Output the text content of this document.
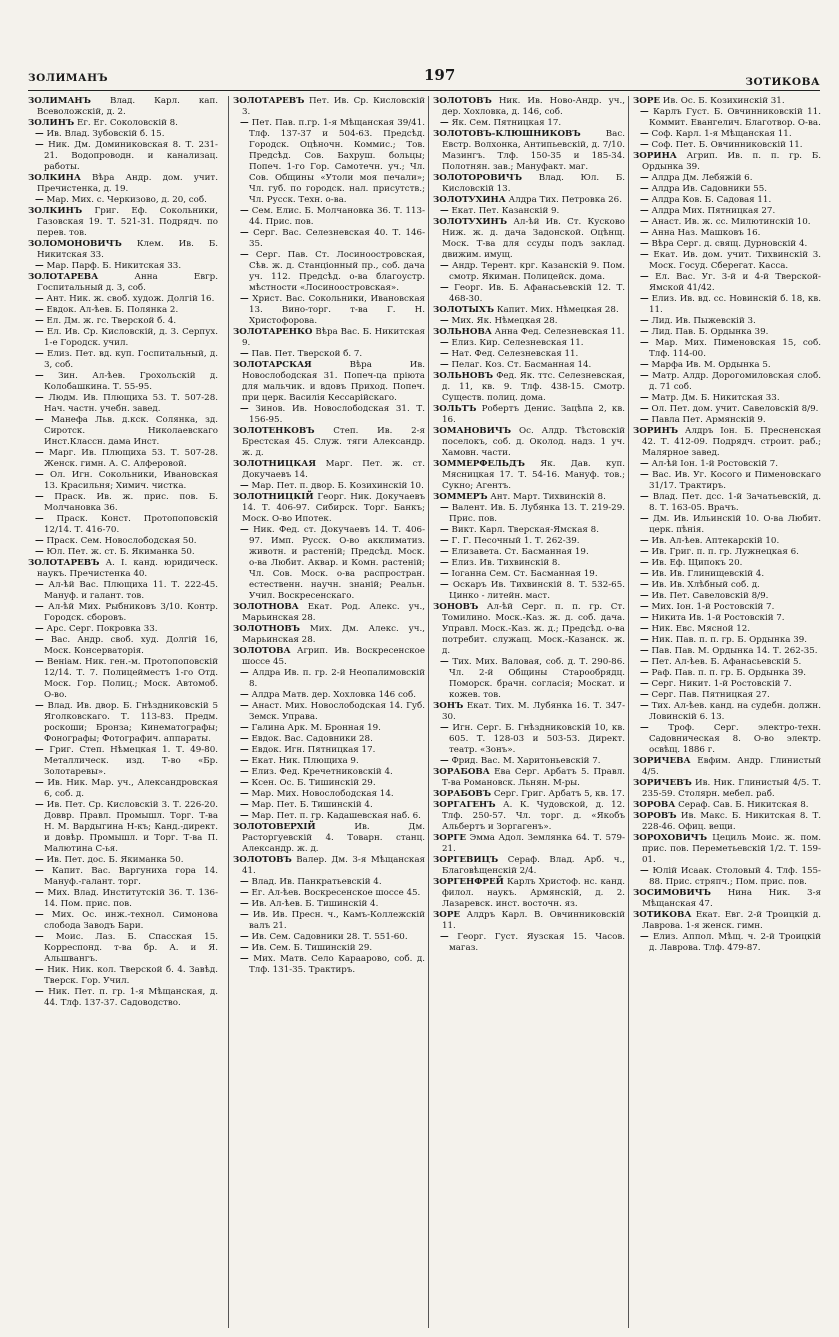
ЗОЛИМАНЪ	197	ЗОТИКОВА

ЗОЛИМАНЪ Влад. Карл. кап. Всеволожскій, д. 2.

ЗОЛИНЪ Ег. Ег. Соколовскій 8.

— Ив. Влад. Зубовскій б. 15.

— Ник. Дм. Доминиковская 8. Т. 231-21. Водопроводн. и канализац. работы.

ЗОЛКИНА Вѣра Андр. дом. учит. Пречистенка, д. 19.

— Мар. Мих. с. Черкизово, д. 20, соб.

ЗОЛКИНЪ Григ. Еф. Сокольники, Газовская 19. Т. 521-31. Подрядч. по перев. тов.

ЗОЛОМОНОВИЧЪ Клем. Ив. Б. Никитская 33.

— Мар. Парф. Б. Никитская 33.

ЗОЛОТАРЕВА	Анна Евгр. Госпитальный д. 3, соб.

— Ант. Ник. ж. своб. худож. Долгій 16.

— Евдок. Ал-ѣев. Б. Полянка 2.

— Ел. Дм. ж. гс. Тверской б. 4.

— Ел. Ив. Ср. Кисловскій, д. 3. Серпух. 1-е Городск. учил.

— Елиз. Пет. вд. куп. Госпитальный, д. 3, соб.

— Зин. Ал-ѣев. Грохольскій д. Колобашкина. Т. 55-95.

— Людм. Ив. Плющиха 53. Т. 507-28. Нач. частн. учебн. завед.

— Манефа Льв. д.кск. Солянка, зд. Сиротск. Николаевскаго Инст.Классн. дама Инст.

— Марг. Ив. Плющиха 53. Т. 507-28. Женск. гимн. А. С. Алферовой.

— Ол. Игн. Сокольники, Ивановская 13. Красильня; Химич. чистка.

— Праск. Ив. ж. прис. пов. Б. Молчановка 36.

— Праск. Конст. Протопоповскій 12/14. Т. 416-70.

— Праск. Сем. Новослободская 50.

— Юл. Пет. ж. ст. Б. Якиманка 50.

ЗОЛОТАРЕВЪ А. І. канд. юридическ. наукъ. Пречистенка 40.

— Ал-ѣй Вас. Плющиха 11. Т. 222-45. Мануф. и галант. тов.

— Ал-ѣй Мих. Рыбниковъ 3/10. Контр. Городск. сборовъ.

— Арс. Серг. Покровка 33.

— Вас. Андр. своб. худ. Долгій 16, Моск. Консерваторія.

— Веніам. Ник. ген.-м. Протопоповскій 12/14. Т. 7. Полицейместъ 1-го Отд. Моск. Гор. Полиц.; Моск. Автомоб. О-во.

— Влад. Ив. двор. Б. Гнѣздниковскій 5 Яголковскаго. Т. 113-83. Предм. роскоши; Бронза; Кинематографы; Фонографы; Фотографич. аппараты.

— Григ. Степ. Нѣмецкая 1. Т. 49-80. Металлическ. изд. Т-во «Бр. Золотаревы».

— Ив. Ник. Мар. уч., Александровская 6, соб. д.

— Ив. Пет. Ср. Кисловскій 3. Т. 226-20. Доввр. Правл. Промышл. Торг. Т-ва Н. М. Вардыгина Н-къ; Канд.-директ. и довѣр. Промышл. и Торг. Т-ва П. Малютина С-ья.

— Ив. Пет. дос. Б. Якиманка 50.

— Капит. Вас. Варгуниха гора 14. Мануф.-галант. торг.

— Мих. Влад. Институтскій 36. Т. 136-14. Пом. прис. пов.

— Мих. Ос. инж.-технол. Симонова слобода Заводъ Бари.

— Моис. Лаз. Б. Спасская 15. Корреспонд. т-ва бр. А. и Я. Альшвангъ.

— Ник. Ник. кол. Тверской б. 4. Завѣд. Тверск. Гор. Учил.

— Ник. Пет. п. гр. 1-я Мѣщанская, д. 44. Тлф. 137-37. Садоводство.

ЗОЛОТАРЕВЪ Пет. Ив. Ср. Кисловскій 3.

— Пет. Пав. п.гр. 1-я Мѣщанская 39/41. Тлф. 137-37 и 504-63. Предсѣд. Городск. Оцѣночн. Коммис.; Тов. Предсѣд. Сов. Бахруш. больцы; Попеч. 1-го Гор. Самотечн. уч.; Чл. Сов. Общины «Утоли моя печали»; Чл. губ. по городск. нал. присутств.; Чл. Русск. Техн. о-ва.

— Сем. Елис. Б. Молчановка 36. Т. 113-44. Прис. пов.

— Серг. Вас. Селезневская 40. Т. 146-35.

— Серг. Пав. Ст. Лосиноостровская, Сѣв. ж. д. Станціонный пр., соб. дача уч. 112. Предсѣд. о-ва благоустр. мѣстности «Лосиноостровская».

— Христ. Вас. Сокольники, Ивановская 13. Вино-торг. т-ва Г. Н. Христофорова.

ЗОЛОТАРЕНКО Вѣра Вас. Б. Никитская 9.

— Пав. Пет. Тверской б. 7.

ЗОЛОТАРСКАЯ	Вѣра Ив. Новослободская 31. Попеч-ца пріюта для мальчик. и вдовъ Приход. Попеч. при церк. Василія Кессарійскаго.

— Зинов. Ив. Новослободская 31. Т. 156-95.

ЗОЛОТЕНКОВЪ Степ. Ив. 2-я Брестская 45. Служ. тяги Александр. ж. д.

ЗОЛОТНИЦКАЯ Марг. Пет. ж. ст. Докучаевъ 14.

— Мар. Пет. п. двор. Б. Козихинскій 10.

ЗОЛОТНИЦКІЙ Георг. Ник. Докучаевъ 14. Т. 406-97. Сибирск. Торг. Банкъ; Моск. О-во Ипотек.

— Ник. Фед. ст. Докучаевъ 14. Т. 406-97. Имп. Русск. О-во акклиматиз. животн. и растеній; Предсѣд. Моск. о-ва Любит. Аквар. и Комн. растеній; Чл. Сов. Моск. о-ва распростран. естественн. научн. знаній; Реальн. Учил. Воскресенскаго.

ЗОЛОТНОВА Екат. Род. Алекс. уч., Марьинская 28.

ЗОЛОТНОВЪ Мих. Дм. Алекс. уч., Марьинская 28.

ЗОЛОТОВА Агрип. Ив. Воскресенское шоссе 45.

— Алдра Ив. п. гр. 2-й Неопалимовскій 8.

— Алдра Матв. дер. Хохловка 146 соб.

— Анаст. Мих. Новослободская 14. Губ. Земск. Управа.

— Галина Арк. М. Бронная 19.

— Евдок. Вас. Садовники 28.

— Евдок. Игн. Пятницкая 17.

— Екат. Ник. Плющиха 9.

— Елиз. Фед. Кречетниковскій 4.

— Ксен. Ос. Б. Тишинскій 29.

— Мар. Мих. Новослободская 14.

— Мар. Пет. Б. Тишинскій 4.

— Мар. Пет. п. гр. Кадашевская наб. 6.

ЗОЛОТОВЕРХІЙ	Ив. Дм. Расторгуевскій 4. Товарн. станц. Александр. ж. д.

ЗОЛОТОВЪ Валер. Дм. 3-я Мѣщанская 41.

— Влад. Ив. Панкратьевскій 4.

— Ег. Ал-ѣев. Воскресенское шоссе 45.

— Ив. Ал-ѣев. Б. Тишинскій 4.

— Ив. Ив. Пресн. ч., Камъ-Коллежскій валъ 21.

— Ив. Сем. Садовники 28. Т. 551-60.

— Ив. Сем. Б. Тишинскій 29.

— Мих. Матв. Село Караарово, соб. д. Тлф. 131-35. Трактиръ.

ЗОЛОТОВЪ Ник. Ив. Ново-Андр. уч., дер. Хохловка, д. 146, соб.

— Як. Сем. Пятницкая 17.

ЗОЛОТОВЪ-КЛЮШНИКОВЪ	Вас. Евстр. Волхонка, Антипьевскій, д. 7/10. Мазингъ. Тлф. 150-35 и 185-34. Полотнян. зав.; Мануфакт. маг.

ЗОЛОТОРОВИЧЪ Влад. Юл. Б. Кисловскій 13.

ЗОЛОТУХИНА Алдра Тих. Петровка 26.

— Екат. Пет. Казанскій 9.

ЗОЛОТУХИНЪ Ал-ѣй Ив. Ст. Кусково Ниж. ж. д. дача Задонской. Оцѣнщ. Моск. Т-ва для ссуды подъ заклад. движим. имущ.

— Андр. Терент. крг. Казанскій 9. Пом. смотр. Якиман. Полицейск. дома.

— Георг. Ив. Б. Афанасьевскій 12. Т. 468-30.

ЗОЛОТЫХЪ Капит. Мих. Нѣмецкая 28.

— Мих. Як. Нѣмецкая 28.

ЗОЛЬНОВА Анна Фед. Селезневская 11.

— Елиз. Кир. Селезневская 11.

— Нат. Фед. Селезневская 11.

— Пелаг. Коз. Ст. Басманная 14.

ЗОЛЬНОВЪ Фед. Як. ттс. Селезневская, д. 11, кв. 9. Тлф. 438-15. Смотр. Существ. полиц. дома.

ЗОЛЬТЪ Робертъ Денис. Зацѣпа 2, кв. 16.

ЗОМАНОВИЧЪ Ос. Алдр. Тѣстовскій поселокъ, соб. д. Околод. надз. 1 уч. Хамовн. части.

ЗОММЕРФЕЛЬДЪ Як. Дав. куп. Мясницкая 17. Т. 54-16. Мануф. тов.; Сукно; Агентъ.

ЗОММЕРЪ Ант. Март. Тихвинскій 8.

— Валент. Ив. Б. Лубянка 13. Т. 219-29. Прис. пов.

— Викт. Карл. Тверская-Ямская 8.

— Г. Г. Песочный 1. Т. 262-39.

— Елизавета. Ст. Басманная 19.

— Елиз. Ив. Тихвинскій 8.

— Іоганна Сем. Ст. Басманная 19.

— Оскаръ Ив. Тихвинскій 8. Т. 532-65. Цинко - литейн. маст.

ЗОНОВЪ Ал-ѣй Серг. п. п. гр. Ст. Томилино. Моск.-Каз. ж. д. соб. дача. Управл. Моск.-Каз. ж. д.; Предсѣд. о-ва потребит. служащ. Моск.-Казанск. ж. д.

— Тих. Мих. Валовая, соб. д. Т. 290-86. Чл. 2-й Общины Старообрядц. Поморск. брачн. согласія; Москат. и кожев. тов.

ЗОНЪ Екат. Тих. М. Лубянка 16. Т. 347-30.

— Игн. Серг. Б. Гнѣздниковскій 10, кв. 605. Т. 128-03 и 503-53. Директ. театр. «Зонъ».

— Фрид. Вас. М. Харитоньевскій 7.

ЗОРАБОВА Ева Серг. Арбатъ 5. Правл. Т-ва Романовск. Льнян. М-ры.

ЗОРАБОВЪ Серг. Григ. Арбатъ 5, кв. 17.

ЗОРГАГЕНЪ А. К. Чудовской, д. 12. Тлф. 250-57. Чл. торг. д. «Якобъ Альбертъ и Зоргагенъ».

ЗОРГЕ Эмма Адол. Землянка 64. Т. 579-21.

ЗОРГЕВИЦЪ Сераф. Влад. Арб. ч., Благовѣщенскій 2/4.

ЗОРГЕНФРЕЙ Карлъ Христоф. нс. канд. филол. наукъ. Армянскій, д. 2. Лазаревск. инст. восточн. яз.

ЗОРЕ Алдръ Карл. В. Овчинниковскій 11.

— Георг. Густ. Яузская 15. Часов. магаз.

ЗОРЕ Ив. Ос. Б. Козихинскій 31.

— Карлъ Густ. Б. Овчинниковскій 11. Коммит. Евангелич. Благотвор. О-ва.

— Соф. Карл. 1-я Мѣщанская 11.

— Соф. Пет. Б. Овчинниковскій 11.

ЗОРИНА Агрип. Ив. п. п. гр. Б. Ордынка 39.

— Алдра Дм. Лебяжій 6.

— Алдра Ив. Садовники 55.

— Алдра Ков. Б. Садовая 11.

— Алдра Мих. Пятницкая 27.

— Анаст. Ив. ж. сс. Милютинскій 10.

— Анна Наз. Машковъ 16.

— Вѣра Серг. д. свящ. Дурновскій 4.

— Екат. Ив. дом. учит. Тихвинскій 3. Моск. Госуд. Сберегат. Касса.

— Ел. Вас. Уг. 3-й и 4-й Тверской-Ямской 41/42.

— Елиз. Ив. вд. сс. Новинскій б. 18, кв. 11.

— Лид. Ив. Пыжевскій 3.

— Лид. Пав. Б. Ордынка 39.

— Мар. Мих. Пименовская 15, соб. Тлф. 114-00.

— Марфа Ив. М. Ордынка 5.

— Матр. Алдр. Дорогомиловская слоб. д. 71 соб.

— Матр. Дм. Б. Никитская 33.

— Ол. Пет. дом. учит. Савеловскій 8/9.

— Павла Пет. Армянскій 9.

ЗОРИНЪ Алдръ Іон. Б. Пресненская 42. Т. 412-09. Подрядч. строит. раб.; Малярное завед.

— Ал-ѣй Іон. 1-й Ростовскій 7.

— Вас. Ив. Уг. Косого и Пименовскаго 31/17. Трактиръ.

— Влад. Пет. дсс. 1-й Зачатьевскій, д. 8. Т. 163-05. Врачъ.

— Дм. Ив. Ильинскій 10. О-ва Любит. церк. пѣнія.

— Ив. Ал-ѣев. Аптекарскій 10.

— Ив. Григ. п. п. гр. Лужнецкая 6.

— Ив. Еф. Щипокъ 20.

— Ив. Ив. Глинищевскій 4.

— Ив. Ив. Хлѣбный соб. д.

— Ив. Пет. Савеловскій 8/9.

— Мих. Іон. 1-й Ростовскій 7.

— Никита Ив. 1-й Ростовскій 7.

— Ник. Евс. Мясной 12.

— Ник. Пав. п. п. гр. Б. Ордынка 39.

— Пав. Пав. М. Ордынка 14. Т. 262-35.

— Пет. Ал-ѣев. Б. Афанасьевскій 5.

— Раф. Пав. п. п. гр. Б. Ордынка 39.

— Серг. Никит. 1-й Ростовскій 7.

— Серг. Пав. Пятницкая 27.

— Тих. Ал-ѣев. канд. на судебн. должн. Ловинскій 6. 13.

— Троф. Серг. электро-техн. Садовническая 8. О-во электр. освѣщ. 1886 г.

ЗОРИЧЕВА Евфим. Андр. Глинистый 4/5.

ЗОРИЧЕВЪ Ив. Ник. Глинистый 4/5. Т. 235-59. Столярн. мебел. раб.

ЗОРОВА Сераф. Сав. Б. Никитская 8.

ЗОРОВЪ Ив. Макс. Б. Никитская 8. Т. 228-46. Офиц. вещи.

ЗОРОХОВИЧЪ Цециль Моис. ж. пом. прис. пов. Переметьевскій 1/2. Т. 159-01.

— Юлій Исаак. Столовый 4. Тлф. 155-88. Прис. стряпч.; Пом. прис. пов.

ЗОСИМОВИЧЪ Нина Ник. 3-я Мѣщанская 47.

ЗОТИКОВА Екат. Евг. 2-й Троицкій д. Лаврова. 1-я женск. гимн.

— Елиз. Аппол. Мѣщ. ч. 2-й Троицкій д. Лаврова. Тлф. 479-87.
